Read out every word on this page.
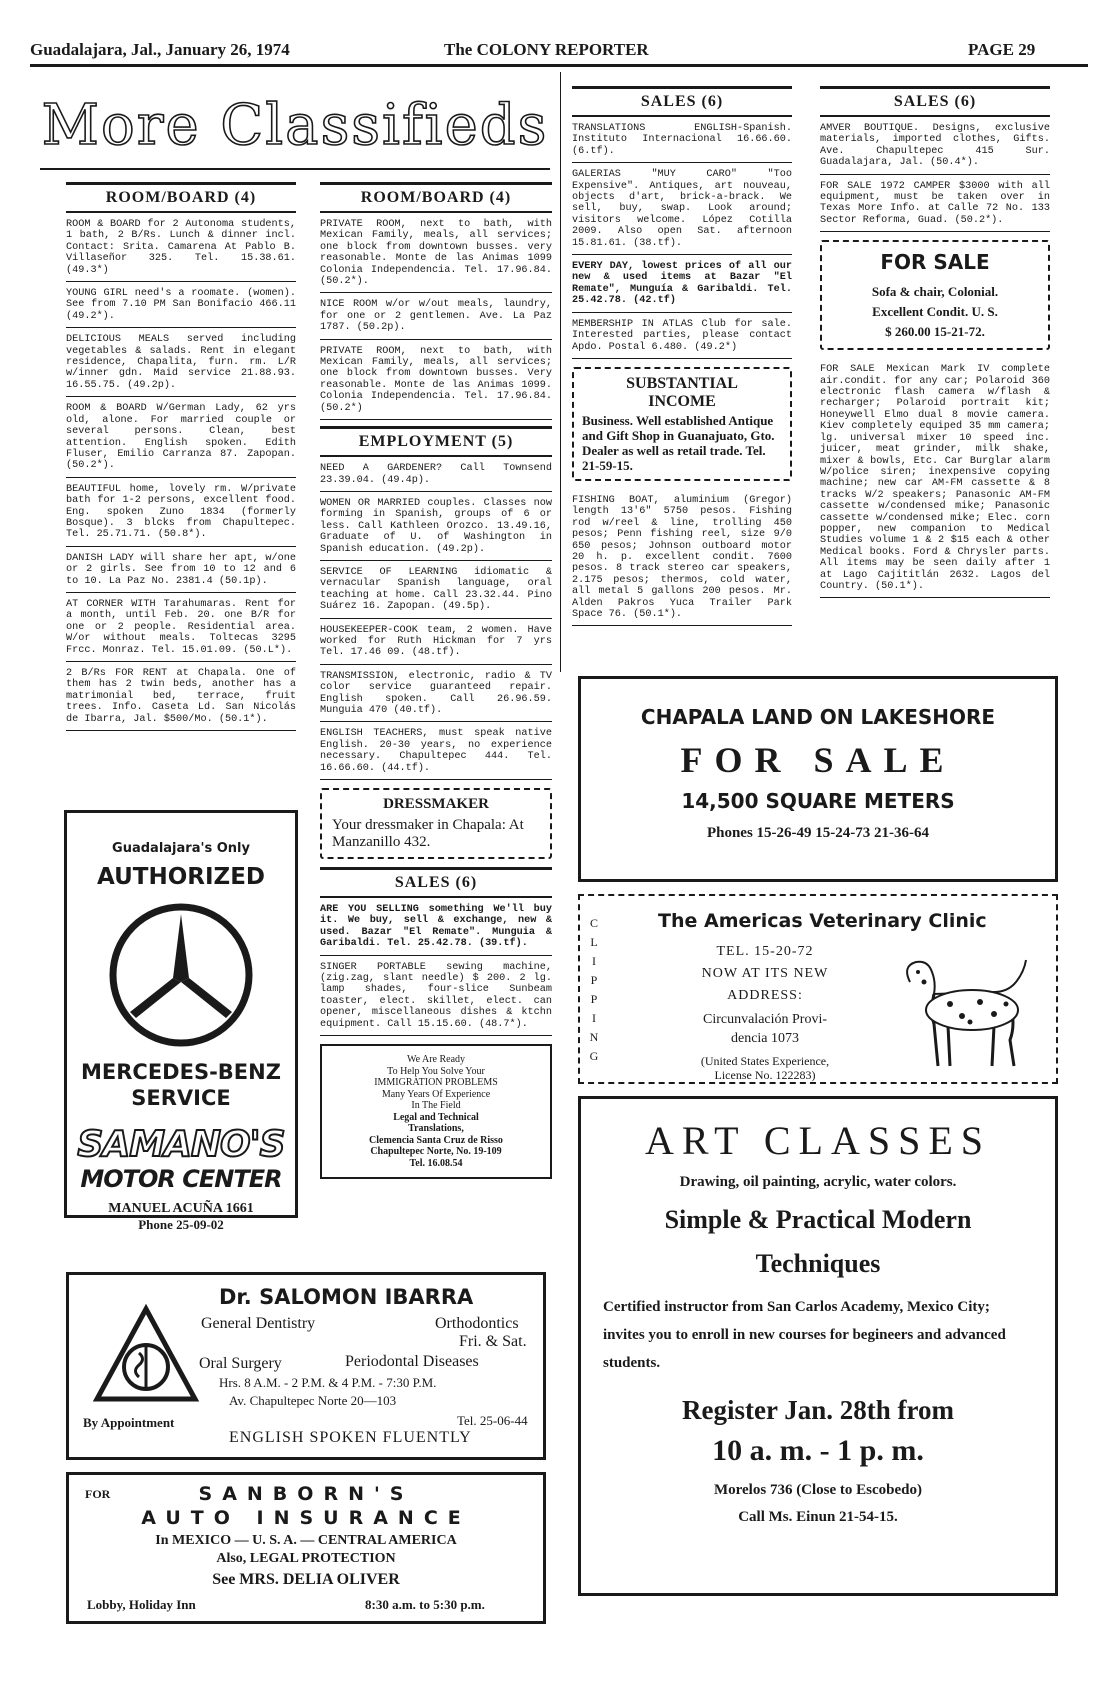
Guadalajara, Jal., January 26, 1974	The COLONY REPORTER	PAGE 29
More Classifieds
ROOM/BOARD (4)
ROOM & BOARD for 2 Autonoma students, 1 bath, 2 B/Rs. Lunch & dinner incl. Contact: Srita. Camarena At Pablo B. Villaseñor 325. Tel. 15.38.61. (49.3*)
YOUNG GIRL need's a roomate. (women). See from 7.10 PM San Bonifacio 466.11 (49.2*).
DELICIOUS MEALS served including vegetables & salads. Rent in elegant residence, Chapalita, furn. rm. L/R w/inner gdn. Maid service 21.88.93. 16.55.75. (49.2p).
ROOM & BOARD W/German Lady, 62 yrs old, alone. For married couple or several persons. Clean, best attention. English spoken. Edith Fluser, Emilio Carranza 87. Zapopan. (50.2*).
BEAUTIFUL home, lovely rm. W/private bath for 1-2 persons, excellent food. Eng. spoken Zuno 1834 (formerly Bosque). 3 blcks from Chapultepec. Tel. 25.71.71. (50.8*).
DANISH LADY will share her apt, w/one or 2 girls. See from 10 to 12 and 6 to 10. La Paz No. 2381.4 (50.1p).
AT CORNER WITH Tarahumaras. Rent for a month, until Feb. 20. one B/R for one or 2 people. Residential area. W/or without meals. Toltecas 3295 Frcc. Monraz. Tel. 15.01.09. (50.L*).
2 B/Rs FOR RENT at Chapala. One of them has 2 twin beds, another has a matrimonial bed, terrace, fruit trees. Info. Caseta Ld. San Nicolás de Ibarra, Jal. $500/Mo. (50.1*).
Guadalajara's Only
AUTHORIZED
MERCEDES-BENZ
SERVICE
SAMANO'S
MOTOR CENTER
MANUEL ACUÑA 1661
Phone 25-09-02
ROOM/BOARD (4)
PRIVATE ROOM, next to bath, with Mexican Family, meals, all services; one block from downtown busses. very reasonable. Monte de las Animas 1099 Colonia Independencia. Tel. 17.96.84. (50.2*).
NICE ROOM w/or w/out meals, laundry, for one or 2 gentlemen. Ave. La Paz 1787. (50.2p).
PRIVATE ROOM, next to bath, with Mexican Family, meals, all services; one block from downtown busses. Very reasonable. Monte de las Animas 1099. Colonia Independencia. Tel. 17.96.84. (50.2*)
EMPLOYMENT (5)
NEED A GARDENER? Call Townsend 23.39.04. (49.4p).
WOMEN OR MARRIED couples. Classes now forming in Spanish, groups of 6 or less. Call Kathleen Orozco. 13.49.16, Graduate of U. of Washington in Spanish education. (49.2p).
SERVICE OF LEARNING idiomatic & vernacular Spanish language, oral teaching at home. Call 23.32.44. Pino Suárez 16. Zapopan. (49.5p).
HOUSEKEEPER-COOK team, 2 women. Have worked for Ruth Hickman for 7 yrs Tel. 17.46 09. (48.tf).
TRANSMISSION, electronic, radio & TV color service guaranteed repair. English spoken. Call 26.96.59. Munguia 470 (40.tf).
ENGLISH TEACHERS, must speak native English. 20-30 years, no experience necessary. Chapultepec 444. Tel. 16.66.60. (44.tf).
DRESSMAKER
Your dressmaker in Chapala: At Manzanillo 432.
SALES (6)
ARE YOU SELLING something We'll buy it. We buy, sell & exchange, new & used. Bazar "El Remate". Munguia & Garibaldi. Tel. 25.42.78. (39.tf).
SINGER PORTABLE sewing machine, (zig.zag, slant needle) $ 200. 2 lg. lamp shades, four-slice Sunbeam toaster, elect. skillet, elect. can opener, miscellaneous dishes & ktchn equipment. Call 15.15.60. (48.7*).
We Are Ready
To Help You Solve Your
IMMIGRATION PROBLEMS
Many Years Of Experience
In The Field
Legal and Technical
Translations,
Clemencia Santa Cruz de Risso
Chapultepec Norte, No. 19-109
Tel. 16.08.54
SALES (6)
TRANSLATIONS ENGLISH-Spanish. Instituto Internacional 16.66.60. (6.tf).
GALERIAS "MUY CARO" "Too Expensive". Antiques, art nouveau, objects d'art, brick-a-brack. We sell, buy, swap. Look around; visitors welcome. López Cotilla 2009. Also open Sat. afternoon 15.81.61. (38.tf).
EVERY DAY, lowest prices of all our new & used items at Bazar "El Remate", Munguía & Garibaldi. Tel. 25.42.78. (42.tf)
MEMBERSHIP IN ATLAS Club for sale. Interested parties, please contact Apdo. Postal 6.480. (49.2*)
SUBSTANTIAL
INCOME
Business. Well established Antique and Gift Shop in Guanajuato, Gto. Dealer as well as retail trade. Tel. 21-59-15.
FISHING BOAT, aluminium (Gregor) length 13'6" 5750 pesos. Fishing rod w/reel & line, trolling 450 pesos; Penn fishing reel, size 9/0 650 pesos; Johnson outboard motor 20 h. p. excellent condit. 7600 pesos. 8 track stereo car speakers, 2.175 pesos; thermos, cold water, all metal 5 gallons 200 pesos. Mr. Alden Pakros Yuca Trailer Park Space 76. (50.1*).
SALES (6)
AMVER BOUTIQUE. Designs, exclusive materials, imported clothes, Gifts. Ave. Chapultepec 415 Sur. Guadalajara, Jal. (50.4*).
FOR SALE 1972 CAMPER $3000 with all equipment, must be taken over in Texas More Info. at Calle 72 No. 133 Sector Reforma, Guad. (50.2*).
FOR SALE
Sofa & chair, Colonial.
Excellent Condit. U. S.
$ 260.00 15-21-72.
FOR SALE Mexican Mark IV complete air.condit. for any car; Polaroid 360 electronic flash camera w/flash & recharger; Polaroid portrait kit; Honeywell Elmo dual 8 movie camera. Kiev completely equiped 35 mm camera; lg. universal mixer 10 speed inc. juicer, meat grinder, milk shake, mixer & bowls, Etc. Car Burglar alarm W/police siren; inexpensive copying machine; new car AM-FM cassette & 8 tracks W/2 speakers; Panasonic AM-FM cassette w/condensed mike; Panasonic cassette w/condensed mike; Elec. corn popper, new companion to Medical Studies volume 1 & 2 $15 each & other Medical books. Ford & Chrysler parts. All items may be seen daily after 1 at Lago Cajititlán 2632. Lagos del Country. (50.1*).
CHAPALA LAND ON LAKESHORE
FOR SALE
14,500 SQUARE METERS
Phones 15-26-49 15-24-73 21-36-64
C
L
I
P
P
I
N
G
The Americas Veterinary Clinic
TEL. 15-20-72
NOW AT ITS NEW
ADDRESS:
Circunvalación Provi-
dencia 1073
(United States Experience,
License No. 122283)
ART CLASSES
Drawing, oil painting, acrylic, water colors.
Simple & Practical Modern
Techniques
Certified instructor from San Carlos Academy, Mexico City; invites you to enroll in new courses for begineers and advanced students.
Register Jan. 28th from
10 a. m. - 1 p. m.
Morelos 736 (Close to Escobedo)
Call Ms. Einun 21-54-15.
Dr. SALOMON IBARRA
General Dentistry	Orthodontics
Fri. & Sat.
Oral Surgery	Periodontal Diseases
Hrs. 8 A.M. - 2 P.M. & 4 P.M. - 7:30 P.M.
Av. Chapultepec Norte 20—103
By Appointment	Tel. 25-06-44
ENGLISH SPOKEN FLUENTLY
FOR	SANBORN'S
AUTO INSURANCE
In MEXICO — U. S. A. — CENTRAL AMERICA
Also, LEGAL PROTECTION
See MRS. DELIA OLIVER
Lobby, Holiday Inn	8:30 a.m. to 5:30 p.m.
